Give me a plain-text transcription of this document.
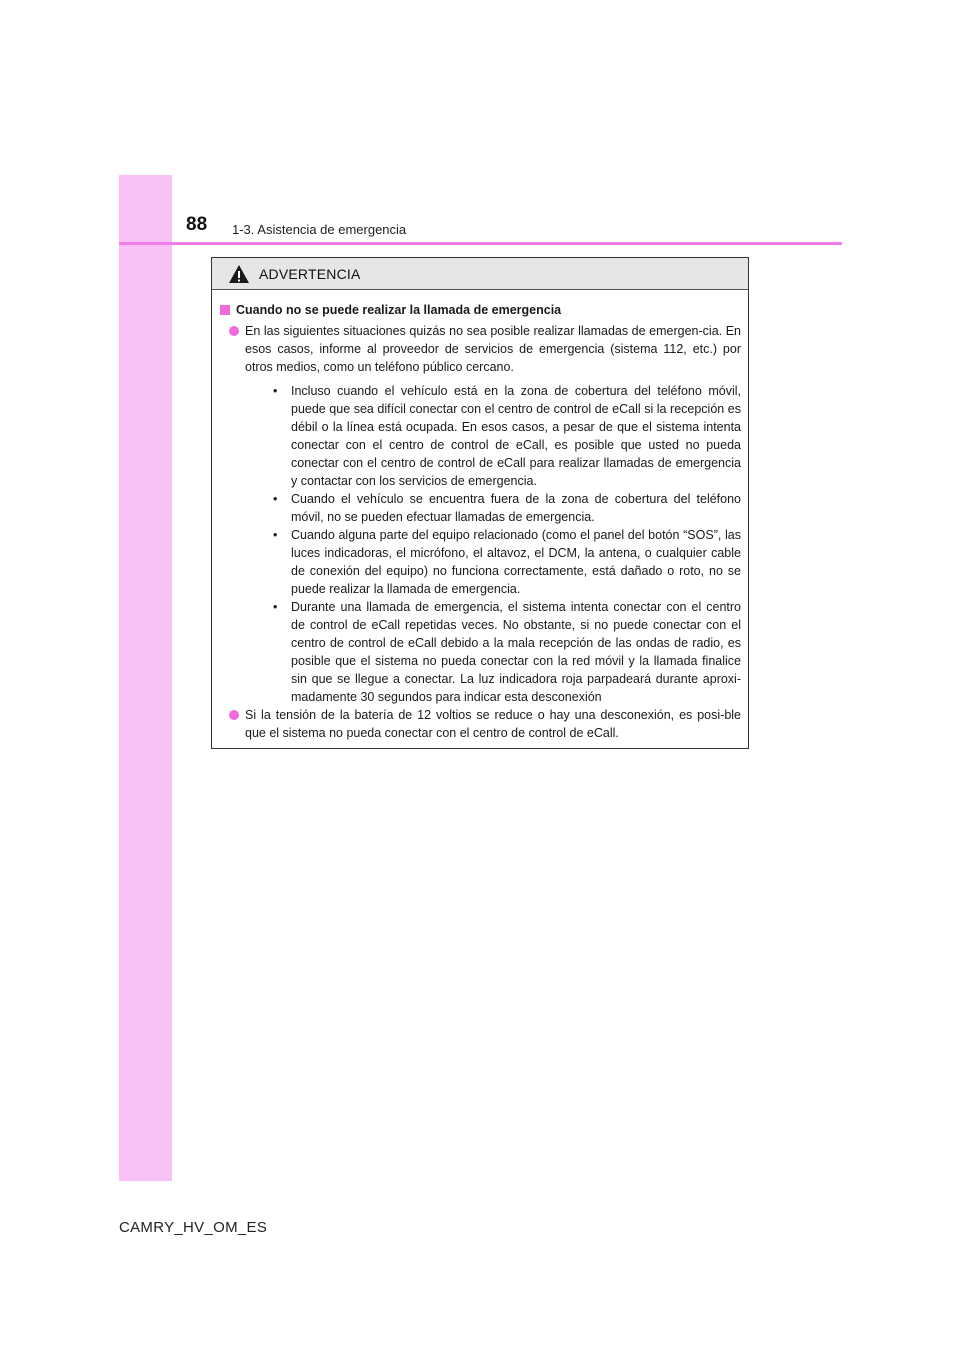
88 1-3. Asistencia de emergencia
ADVERTENCIA
Cuando no se puede realizar la llamada de emergencia
En las siguientes situaciones quizás no sea posible realizar llamadas de emergen-cia. En esos casos, informe al proveedor de servicios de emergencia (sistema 112, etc.) por otros medios, como un teléfono público cercano.
•	Incluso cuando el vehículo está en la zona de cobertura del teléfono móvil, puede que sea difícil conectar con el centro de control de eCall si la recepción es débil o la línea está ocupada. En esos casos, a pesar de que el sistema intenta conectar con el centro de control de eCall, es posible que usted no pueda conectar con el centro de control de eCall para realizar llamadas de emergencia y contactar con los servicios de emergencia.
•	Cuando el vehículo se encuentra fuera de la zona de cobertura del teléfono móvil, no se pueden efectuar llamadas de emergencia.
•	Cuando alguna parte del equipo relacionado (como el panel del botón “SOS”, las luces indicadoras, el micrófono, el altavoz, el DCM, la antena, o cualquier cable de conexión del equipo) no funciona correctamente, está dañado o roto, no se puede realizar la llamada de emergencia.
•	Durante una llamada de emergencia, el sistema intenta conectar con el centro de control de eCall repetidas veces. No obstante, si no puede conectar con el centro de control de eCall debido a la mala recepción de las ondas de radio, es posible que el sistema no pueda conectar con la red móvil y la llamada finalice sin que se llegue a conectar. La luz indicadora roja parpadeará durante aproxi-madamente 30 segundos para indicar esta desconexión
Si la tensión de la batería de 12 voltios se reduce o hay una desconexión, es posi-ble que el sistema no pueda conectar con el centro de control de eCall.
CAMRY_HV_OM_ES
